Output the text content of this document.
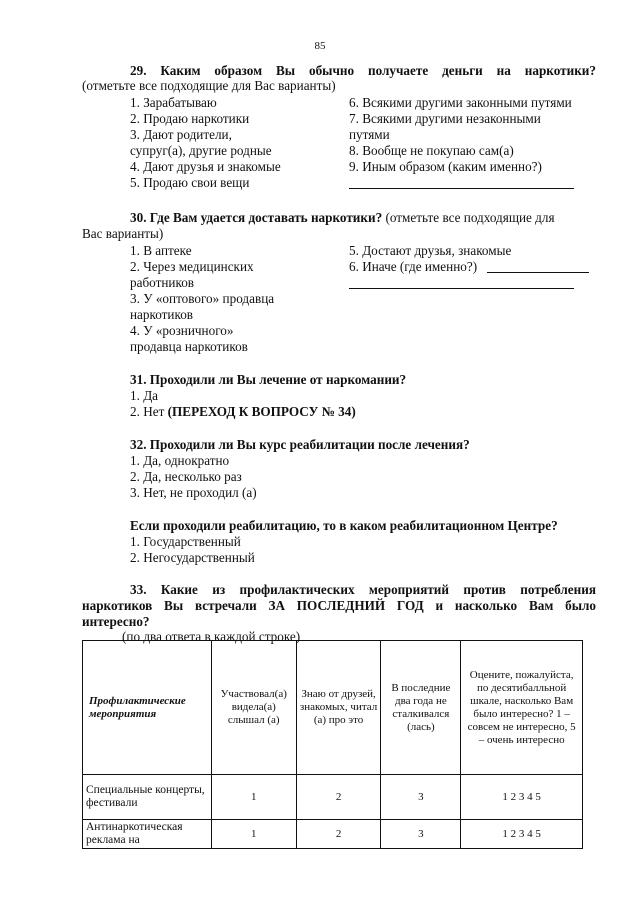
85
29. Каким образом Вы обычно получаете деньги на наркотики?
(отметьте все подходящие для Вас варианты)
1. Зарабатываю
2. Продаю наркотики
3. Дают родители,
супруг(а), другие родные
4. Дают друзья и знакомые
5. Продаю свои вещи
6. Всякими другими законными путями
7. Всякими другими незаконными
путями
8. Вообще не покупаю сам(а)
9. Иным образом (каким именно?)
30. Где Вам удается доставать наркотики? (отметьте все подходящие для
Вас варианты)
1. В аптеке
2. Через медицинских
работников
3. У «оптового» продавца
наркотиков
4. У «розничного»
продавца наркотиков
5. Достают друзья, знакомые
6. Иначе (где именно?)
31. Проходили ли Вы лечение от наркомании?
1. Да
2. Нет (ПЕРЕХОД К ВОПРОСУ № 34)
32. Проходили ли Вы курс реабилитации после лечения?
1. Да, однократно
2. Да, несколько раз
3. Нет, не проходил (а)
Если проходили реабилитацию, то в каком реабилитационном Центре?
1. Государственный
2. Негосударственный
33. Какие из профилактических мероприятий против потребления
наркотиков Вы встречали ЗА ПОСЛЕДНИЙ ГОД и насколько Вам было
интересно?
(по два ответа в каждой строке)
Профилактические мероприятия	Участвовал(а) видела(а) слышал (а)	Знаю от друзей, знакомых, читал (а) про это	В последние два года не сталкивался (лась)	Оцените, пожалуйста, по десятибалльной шкале, насколько Вам было интересно? 1 – совсем не интересно, 5 – очень интересно
Специальные концерты, фестивали	1	2	3	1 2 3 4 5
Антинаркотическая реклама на	1	2	3	1 2 3 4 5
